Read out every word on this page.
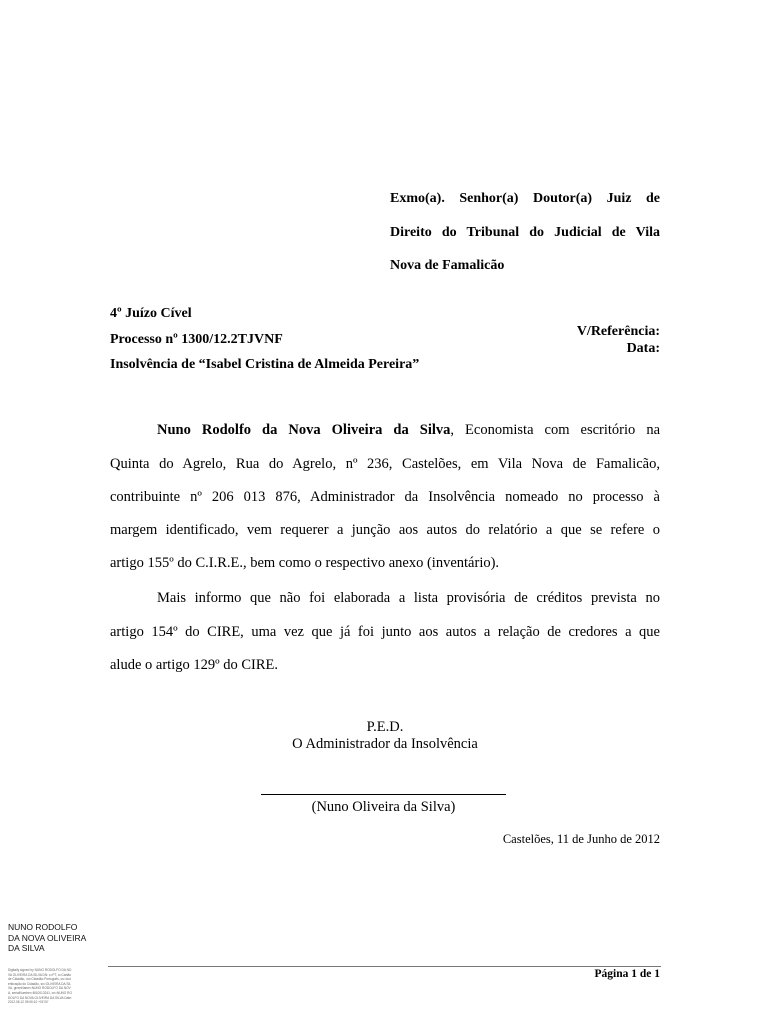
Exmo(a). Senhor(a) Doutor(a) Juiz de
Direito do Tribunal do Judicial de Vila
Nova de Famalicão
4º Juízo Cível
Processo nº 1300/12.2TJVNF
Insolvência de “Isabel Cristina de Almeida Pereira”
V/Referência:
Data:
Nuno Rodolfo da Nova Oliveira da Silva, Economista com escritório na
Quinta do Agrelo, Rua do Agrelo, nº 236, Castelões, em Vila Nova de Famalicão,
contribuinte nº 206 013 876, Administrador da Insolvência nomeado no processo à
margem identificado, vem requerer a junção aos autos do relatório a que se refere o
artigo 155º do C.I.R.E., bem como o respectivo anexo (inventário).
Mais informo que não foi elaborada a lista provisória de créditos prevista no
artigo 154º do CIRE, uma vez que já foi junto aos autos a relação de credores a que
alude o artigo 129º do CIRE.
P.E.D.
O Administrador da Insolvência
(Nuno Oliveira da Silva)
Castelões, 11 de Junho de 2012
NUNO RODOLFO DA NOVA OLIVEIRA DA SILVA
Digitally signed by NUNO RODOLFO DA NOVA OLIVEIRA DA SILVA DN: c=PT, o=Cartão de Cidadão, ou=Cidadão Português, ou=Autenticação do Cidadão, sn=OLIVEIRA DA SILVA, givenName=NUNO RODOLFO DA NOVA, serialNumber=BI10013241, cn=NUNO RODOLFO DA NOVA OLIVEIRA DA SILVA Date: 2012.06.12 09:06:10 +01'00'
Página 1 de 1
